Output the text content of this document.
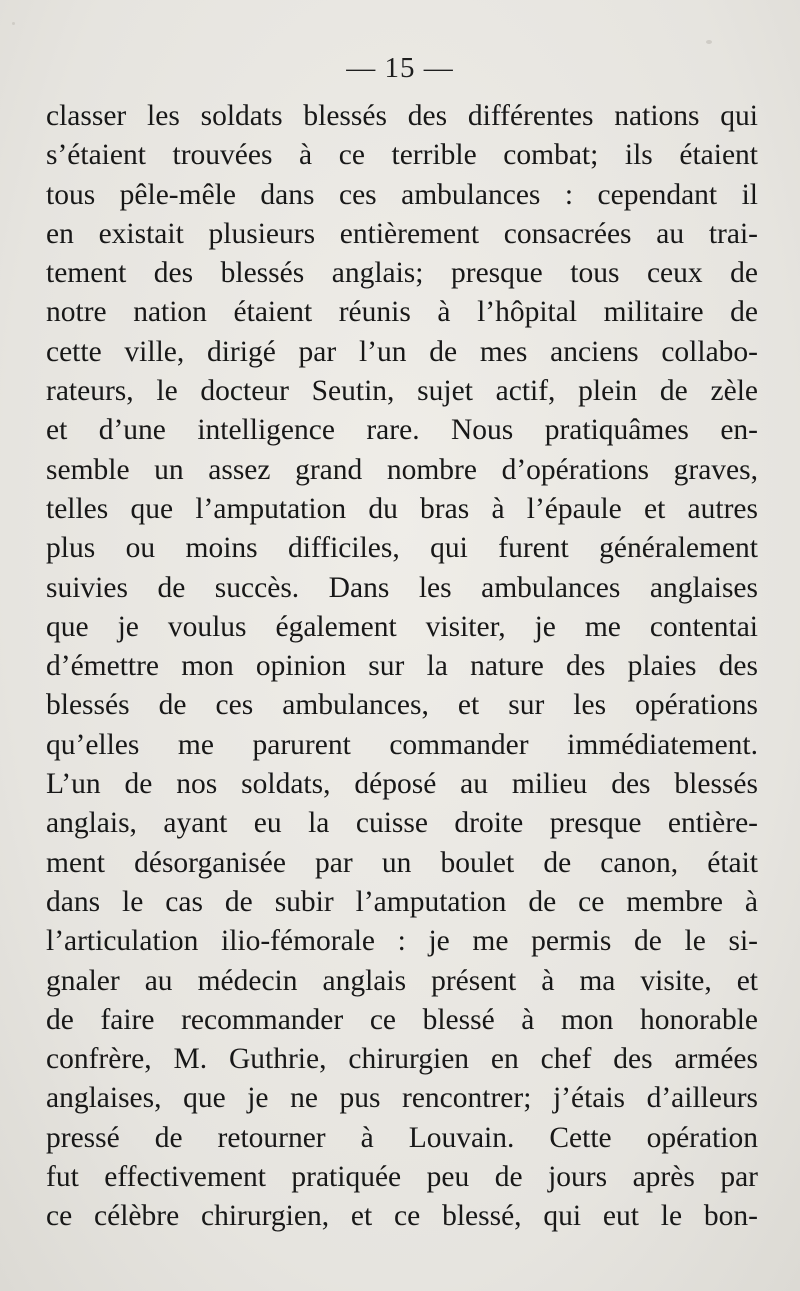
— 15 —
classer les soldats blessés des différentes nations qui
s’étaient trouvées à ce terrible combat; ils étaient
tous pêle-mêle dans ces ambulances : cependant il
en existait plusieurs entièrement consacrées au trai-
tement des blessés anglais; presque tous ceux de
notre nation étaient réunis à l’hôpital militaire de
cette ville, dirigé par l’un de mes anciens collabo-
rateurs, le docteur Seutin, sujet actif, plein de zèle
et d’une intelligence rare. Nous pratiquâmes en-
semble un assez grand nombre d’opérations graves,
telles que l’amputation du bras à l’épaule et autres
plus ou moins difficiles, qui furent généralement
suivies de succès. Dans les ambulances anglaises
que je voulus également visiter, je me contentai
d’émettre mon opinion sur la nature des plaies des
blessés de ces ambulances, et sur les opérations
qu’elles me parurent commander immédiatement.
L’un de nos soldats, déposé au milieu des blessés
anglais, ayant eu la cuisse droite presque entière-
ment désorganisée par un boulet de canon, était
dans le cas de subir l’amputation de ce membre à
l’articulation ilio-fémorale : je me permis de le si-
gnaler au médecin anglais présent à ma visite, et
de faire recommander ce blessé à mon honorable
confrère, M. Guthrie, chirurgien en chef des armées
anglaises, que je ne pus rencontrer; j’étais d’ailleurs
pressé de retourner à Louvain. Cette opération
fut effectivement pratiquée peu de jours après par
ce célèbre chirurgien, et ce blessé, qui eut le bon-
